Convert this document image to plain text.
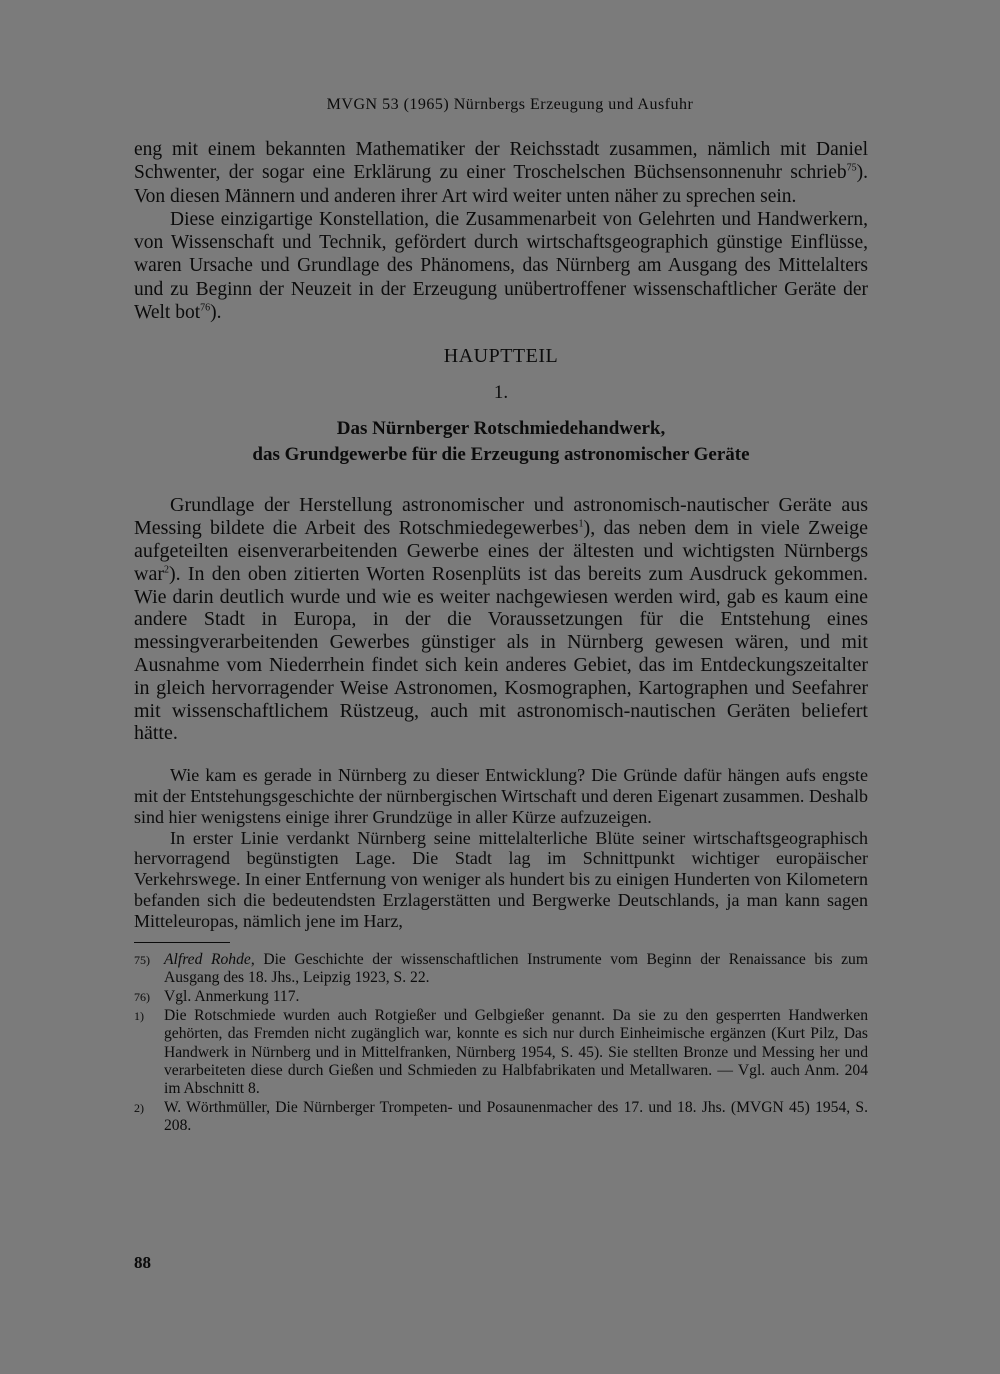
MVGN 53 (1965) Nürnbergs Erzeugung und Ausfuhr

eng mit einem bekannten Mathematiker der Reichsstadt zusammen, nämlich mit Daniel Schwenter, der sogar eine Erklärung zu einer Troschelschen Büchsensonnenuhr schrieb$^{75}$). Von diesen Männern und anderen ihrer Art wird weiter unten näher zu sprechen sein.

Diese einzigartige Konstellation, die Zusammenarbeit von Gelehrten und Handwerkern, von Wissenschaft und Technik, gefördert durch wirtschaftsgeographich günstige Einflüsse, waren Ursache und Grundlage des Phänomens, das Nürnberg am Ausgang des Mittelalters und zu Beginn der Neuzeit in der Erzeugung unübertroffener wissenschaftlicher Geräte der Welt bot$^{76}$).

HAUPTTEIL
1.
Das Nürnberger Rotschmiedehandwerk,
das Grundgewerbe für die Erzeugung astronomischer Geräte

Grundlage der Herstellung astronomischer und astronomisch-nautischer Geräte aus Messing bildete die Arbeit des Rotschmiedegewerbes$^1$), das neben dem in viele Zweige aufgeteilten eisenverarbeitenden Gewerbe eines der ältesten und wichtigsten Nürnbergs war$^2$). In den oben zitierten Worten Rosenplüts ist das bereits zum Ausdruck gekommen. Wie darin deutlich wurde und wie es weiter nachgewiesen werden wird, gab es kaum eine andere Stadt in Europa, in der die Voraussetzungen für die Entstehung eines messingverarbeitenden Gewerbes günstiger als in Nürnberg gewesen wären, und mit Ausnahme vom Niederrhein findet sich kein anderes Gebiet, das im Entdeckungszeitalter in gleich hervorragender Weise Astronomen, Kosmographen, Kartographen und Seefahrer mit wissenschaftlichem Rüstzeug, auch mit astronomisch-nautischen Geräten beliefert hätte.

Wie kam es gerade in Nürnberg zu dieser Entwicklung? Die Gründe dafür hängen aufs engste mit der Entstehungsgeschichte der nürnbergischen Wirtschaft und deren Eigenart zusammen. Deshalb sind hier wenigstens einige ihrer Grundzüge in aller Kürze aufzuzeigen.

In erster Linie verdankt Nürnberg seine mittelalterliche Blüte seiner wirtschaftsgeographisch hervorragend begünstigten Lage. Die Stadt lag im Schnittpunkt wichtiger europäischer Verkehrswege. In einer Entfernung von weniger als hundert bis zu einigen Hunderten von Kilometern befanden sich die bedeutendsten Erzlagerstätten und Bergwerke Deutschlands, ja man kann sagen Mitteleuropas, nämlich jene im Harz,

75) Alfred Rohde, Die Geschichte der wissenschaftlichen Instrumente vom Beginn der Renaissance bis zum Ausgang des 18. Jhs., Leipzig 1923, S. 22.
76) Vgl. Anmerkung 117.
1) Die Rotschmiede wurden auch Rotgießer und Gelbgießer genannt. Da sie zu den gesperrten Handwerken gehörten, das Fremden nicht zugänglich war, konnte es sich nur durch Einheimische ergänzen (Kurt Pilz, Das Handwerk in Nürnberg und in Mittelfranken, Nürnberg 1954, S. 45). Sie stellten Bronze und Messing her und verarbeiteten diese durch Gießen und Schmieden zu Halbfabrikaten und Metallwaren. — Vgl. auch Anm. 204 im Abschnitt 8.
2) W. Wörthmüller, Die Nürnberger Trompeten- und Posaunenmacher des 17. und 18. Jhs. (MVGN 45) 1954, S. 208.
88
